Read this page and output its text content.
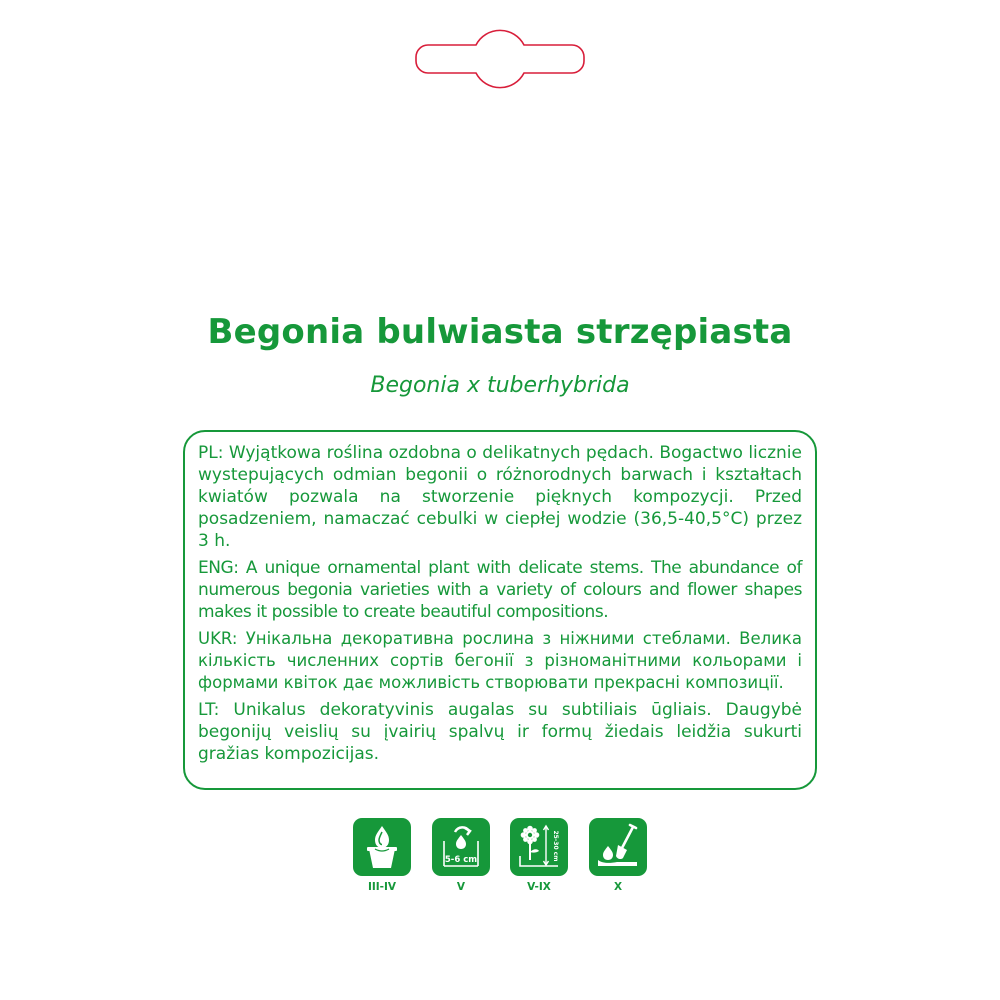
Begonia bulwiasta strzępiasta
Begonia x tuberhybrida

PL: Wyjątkowa roślina ozdobna o delikatnych pędach. Bogactwo licznie wystepujących odmian begonii o różnorodnych barwach i kształtach kwiatów pozwala na stworzenie pięknych kompozycji. Przed posadzeniem, namaczać cebulki w ciepłej wodzie (36,5-40,5°C) przez 3 h.

ENG: A unique ornamental plant with delicate stems. The abundance of numerous begonia varieties with a variety of colours and flower shapes makes it possible to create beautiful compositions.

UKR: Унікальна декоративна рослина з ніжними стеблами. Велика кількість численних сортів бегонії з різноманітними кольорами і формами квіток дає можливість створювати прекрасні композиції.

LT: Unikalus dekoratyvinis augalas su subtiliais ūgliais. Daugybė begonijų veislių su įvairių spalvų ir formų žiedais leidžia sukurti gražias kompozicijas.

III-IV
5-6 cm
V
25-30 cm
V-IX	X
